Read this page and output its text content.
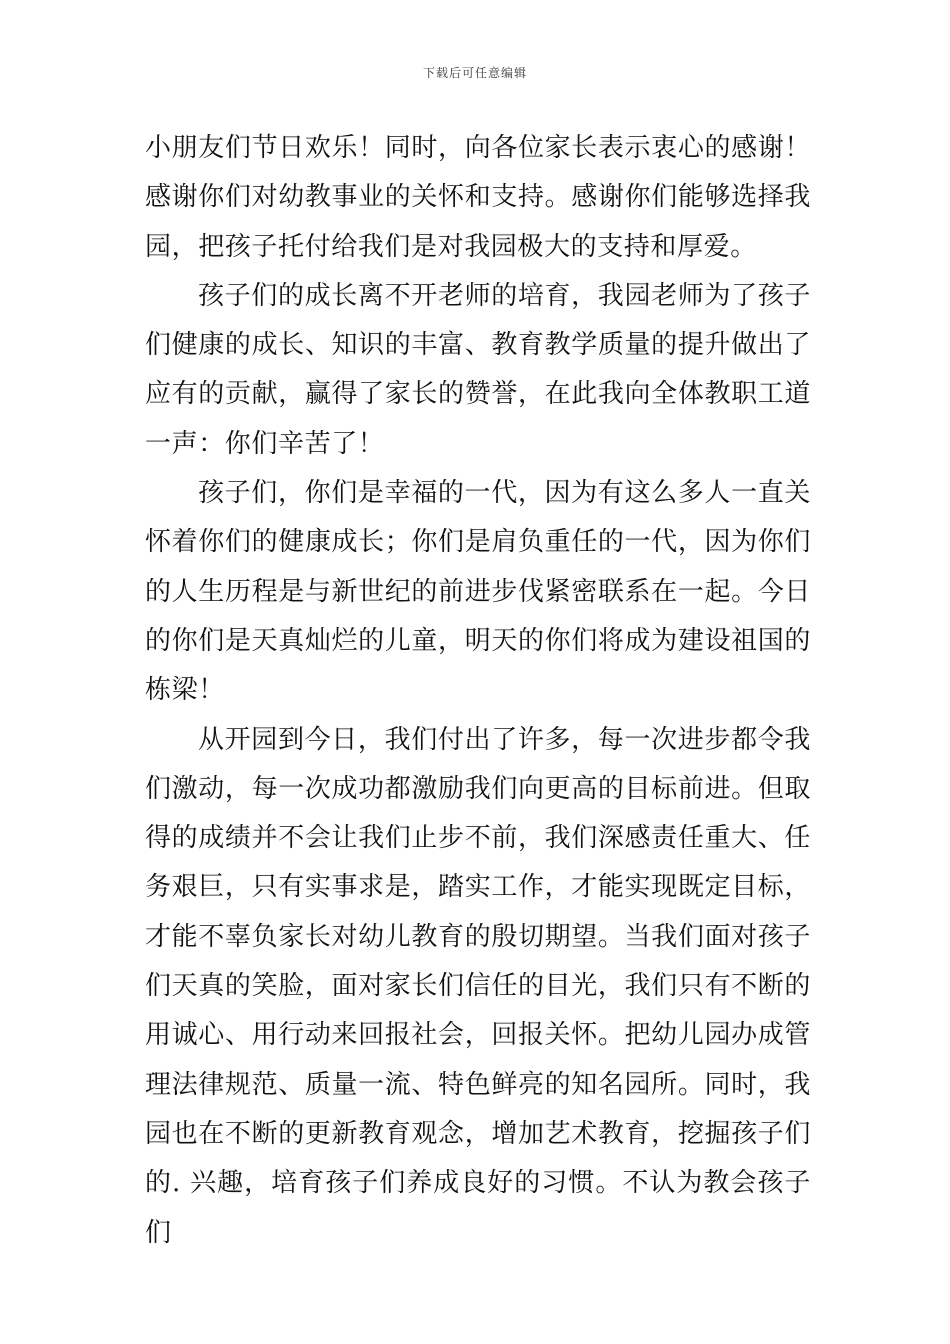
下载后可任意编辑

小朋友们节日欢乐！同时，向各位家长表示衷心的感谢！感谢你们对幼教事业的关怀和支持。感谢你们能够选择我园，把孩子托付给我们是对我园极大的支持和厚爱。

孩子们的成长离不开老师的培育，我园老师为了孩子们健康的成长、知识的丰富、教育教学质量的提升做出了应有的贡献，赢得了家长的赞誉，在此我向全体教职工道一声：你们辛苦了！

孩子们，你们是幸福的一代，因为有这么多人一直关怀着你们的健康成长；你们是肩负重任的一代，因为你们的人生历程是与新世纪的前进步伐紧密联系在一起。今日的你们是天真灿烂的儿童，明天的你们将成为建设祖国的栋梁！

从开园到今日，我们付出了许多，每一次进步都令我们激动，每一次成功都激励我们向更高的目标前进。但取得的成绩并不会让我们止步不前，我们深感责任重大、任务艰巨，只有实事求是，踏实工作，才能实现既定目标，才能不辜负家长对幼儿教育的殷切期望。当我们面对孩子们天真的笑脸，面对家长们信任的目光，我们只有不断的用诚心、用行动来回报社会，回报关怀。把幼儿园办成管理法律规范、质量一流、特色鲜亮的知名园所。同时，我园也在不断的更新教育观念，增加艺术教育，挖掘孩子们的. 兴趣，培育孩子们养成良好的习惯。不认为教会孩子们
